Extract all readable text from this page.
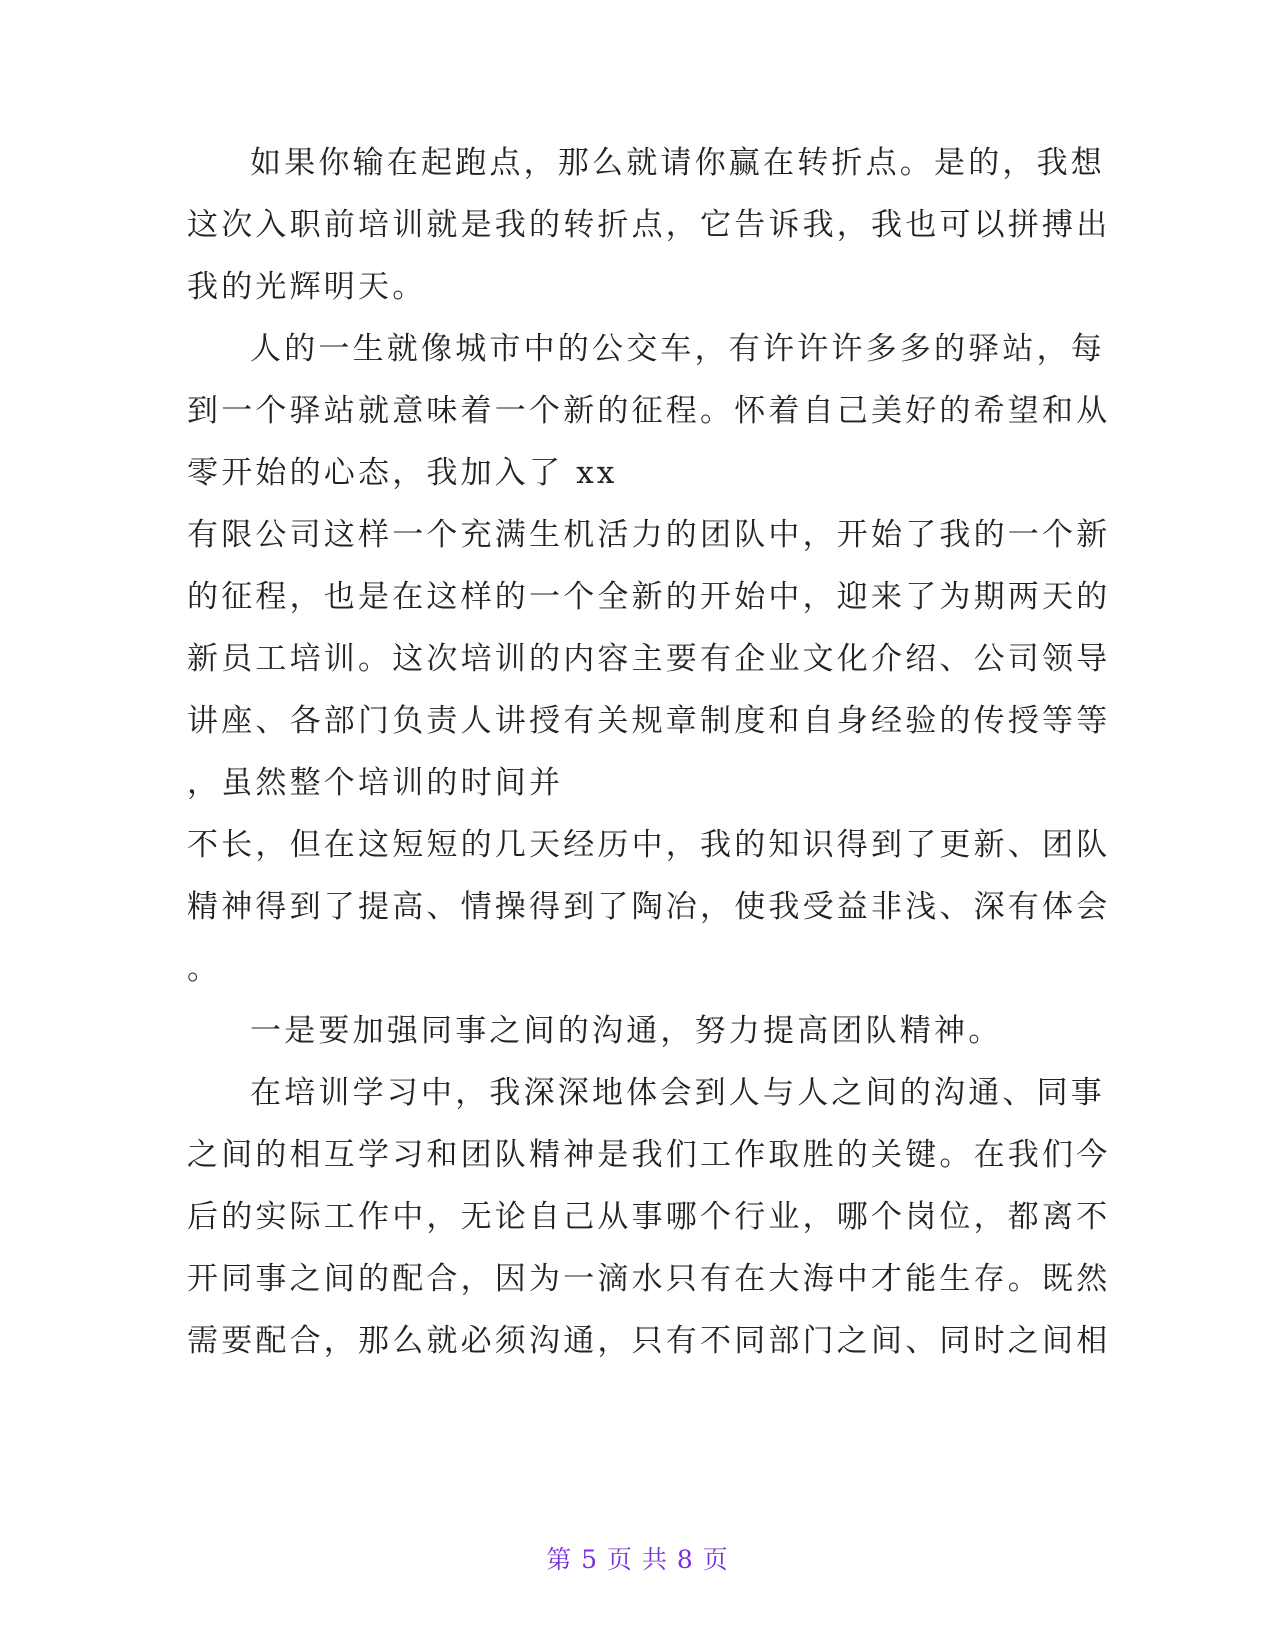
如果你输在起跑点，那么就请你赢在转折点。是的，我想
这次入职前培训就是我的转折点，它告诉我，我也可以拼搏出
我的光辉明天。
人的一生就像城市中的公交车，有许许许多多的驿站，每
到一个驿站就意味着一个新的征程。怀着自己美好的希望和从
零开始的心态，我加入了 xx
有限公司这样一个充满生机活力的团队中，开始了我的一个新
的征程，也是在这样的一个全新的开始中，迎来了为期两天的
新员工培训。这次培训的内容主要有企业文化介绍、公司领导
讲座、各部门负责人讲授有关规章制度和自身经验的传授等等
，虽然整个培训的时间并
不长，但在这短短的几天经历中，我的知识得到了更新、团队
精神得到了提高、情操得到了陶冶，使我受益非浅、深有体会
。
一是要加强同事之间的沟通，努力提高团队精神。
在培训学习中，我深深地体会到人与人之间的沟通、同事
之间的相互学习和团队精神是我们工作取胜的关键。在我们今
后的实际工作中，无论自己从事哪个行业，哪个岗位，都离不
开同事之间的配合，因为一滴水只有在大海中才能生存。既然
需要配合，那么就必须沟通，只有不同部门之间、同时之间相
第 5 页 共 8 页
